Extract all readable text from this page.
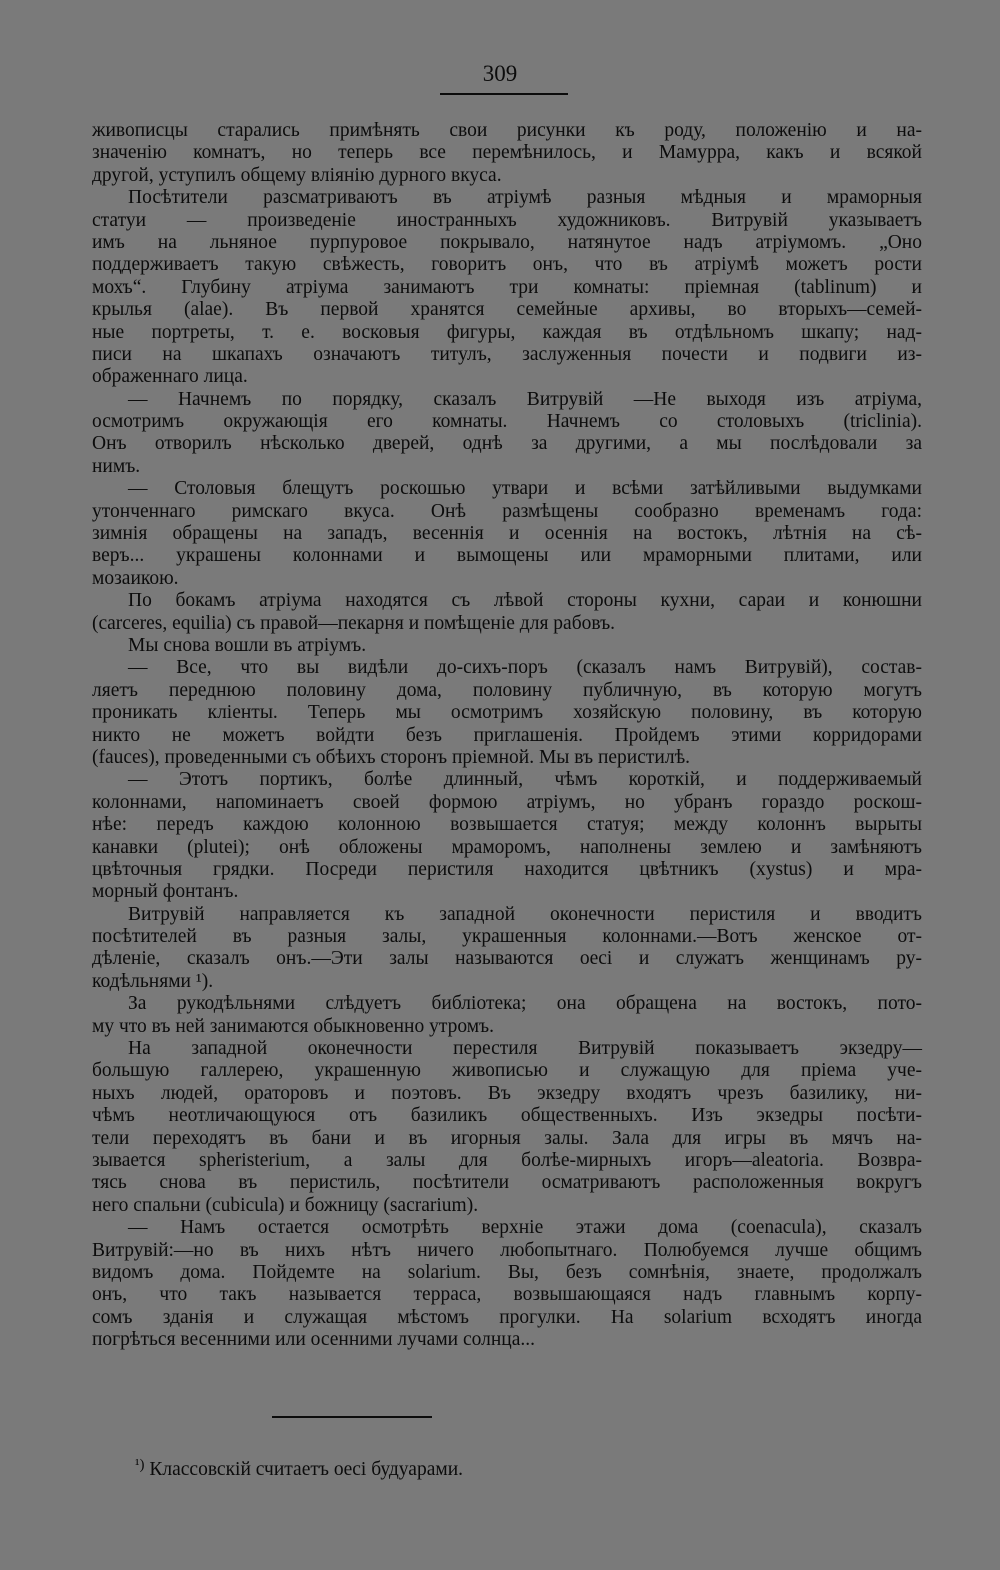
309
живописцы старались примѣнять свои рисунки къ роду, положенію и на-
значенію комнатъ, но теперь все перемѣнилось, и Мамурра, какъ и всякой
другой, уступилъ общему вліянію дурного вкуса.
Посѣтители разсматриваютъ въ атріумѣ разныя мѣдныя и мраморныя
статуи — произведеніе иностранныхъ художниковъ. Витрувій указываетъ
имъ на льняное пурпуровое покрывало, натянутое надъ атріумомъ. „Оно
поддерживаетъ такую свѣжесть, говоритъ онъ, что въ атріумѣ можетъ рости
мохъ“. Глубину атріума занимаютъ три комнаты: пріемная (tablinum) и
крылья (alae). Въ первой хранятся семейные архивы, во вторыхъ—семей-
ные портреты, т. е. восковыя фигуры, каждая въ отдѣльномъ шкапу; над-
писи на шкапахъ означаютъ титулъ, заслуженныя почести и подвиги из-
ображеннаго лица.
— Начнемъ по порядку, сказалъ Витрувій —Не выходя изъ атріума,
осмотримъ окружающія его комнаты. Начнемъ со столовыхъ (triclinia).
Онъ отворилъ нѣсколько дверей, однѣ за другими, а мы послѣдовали за
нимъ.
— Столовыя блещутъ роскошью утвари и всѣми затѣйливыми выдумками
утонченнаго римскаго вкуса. Онѣ размѣщены сообразно временамъ года:
зимнія обращены на западъ, весеннія и осеннія на востокъ, лѣтнія на сѣ-
веръ... украшены колоннами и вымощены или мраморными плитами, или
мозаикою.
По бокамъ атріума находятся съ лѣвой стороны кухни, сараи и конюшни
(carceres, equilia) съ правой—пекарня и помѣщеніе для рабовъ.
Мы снова вошли въ атріумъ.
— Все, что вы видѣли до-сихъ-поръ (сказалъ намъ Витрувій), состав-
ляетъ переднюю половину дома, половину публичную, въ которую могутъ
проникать кліенты. Теперь мы осмотримъ хозяйскую половину, въ которую
никто не можетъ войдти безъ приглашенія. Пройдемъ этими корридорами
(fauces), проведенными съ обѣихъ сторонъ пріемной. Мы въ перистилѣ.
— Этотъ портикъ, болѣе длинный, чѣмъ короткій, и поддерживаемый
колоннами, напоминаетъ своей формою атріумъ, но убранъ гораздо роскош-
нѣе: передъ каждою колонною возвышается статуя; между колоннъ вырыты
канавки (plutei); онѣ обложены мраморомъ, наполнены землею и замѣняютъ
цвѣточныя грядки. Посреди перистиля находится цвѣтникъ (xystus) и мра-
морный фонтанъ.
Витрувій направляется къ западной оконечности перистиля и вводитъ
посѣтителей въ разныя залы, украшенныя колоннами.—Вотъ женское от-
дѣленіе, сказалъ онъ.—Эти залы называются oeci и служатъ женщинамъ ру-
кодѣльнями ¹).
За рукодѣльнями слѣдуетъ библіотека; она обращена на востокъ, пото-
му что въ ней занимаются обыкновенно утромъ.
На западной оконечности перестиля Витрувій показываетъ экзедру—
большую галлерею, украшенную живописью и служащую для пріема уче-
ныхъ людей, ораторовъ и поэтовъ. Въ экзедру входятъ чрезъ базилику, ни-
чѣмъ неотличающуюся отъ базиликъ общественныхъ. Изъ экзедры посѣти-
тели переходятъ въ бани и въ игорныя залы. Зала для игры въ мячъ на-
зывается spheristerium, а залы для болѣе-мирныхъ игоръ—aleatoria. Возвра-
тясь снова въ перистиль, посѣтители осматриваютъ расположенныя вокругъ
него спальни (cubicula) и божницу (sacrarium).
— Намъ остается осмотрѣть верхніе этажи дома (coenacula), сказалъ
Витрувій:—но въ нихъ нѣтъ ничего любопытнаго. Полюбуемся лучше общимъ
видомъ дома. Пойдемте на solarium. Вы, безъ сомнѣнія, знаете, продолжалъ
онъ, что такъ называется терраса, возвышающаяся надъ главнымъ корпу-
сомъ зданія и служащая мѣстомъ прогулки. На solarium всходятъ иногда
погрѣться весенними или осенними лучами солнца...
$^{^1)}$ Классовскій считаетъ oeci будуарами.
